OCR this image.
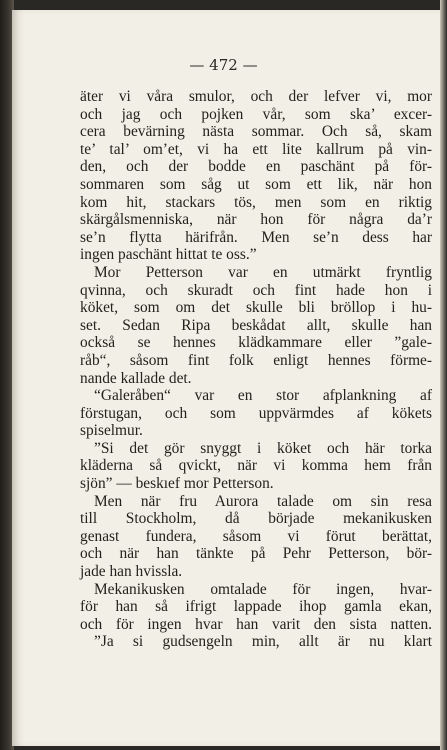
— 472 —
äter vi våra smulor, och der lefver vi, mor
och jag och pojken vår, som ska’ excer-
cera bevärning nästa sommar. Och så, skam
te’ tal’ om’et, vi ha ett lite kallrum på vin-
den, och der bodde en paschänt på för-
sommaren som såg ut som ett lik, när hon
kom hit, stackars tös, men som en riktig
skärgålsmenniska, när hon för några da’r
se’n flytta härifrån. Men se’n dess har
ingen paschänt hittat te oss.”
Mor Petterson var en utmärkt fryntlig
qvinna, och skuradt och fint hade hon i
köket, som om det skulle bli bröllop i hu-
set. Sedan Ripa beskådat allt, skulle han
också se hennes klädkammare eller ”gale-
råb“, såsom fint folk enligt hennes förme-
nande kallade det.
“Galeråben“ var en stor afplankning af
förstugan, och som uppvärmdes af kökets
spiselmur.
”Si det gör snyggt i köket och här torka
kläderna så qvickt, när vi komma hem från
sjön” — beskıef mor Petterson.
Men när fru Aurora talade om sin resa
till Stockholm, då började mekanikusken
genast fundera, såsom vi förut berättat,
och när han tänkte på Pehr Petterson, bör-
jade han hvissla.
Mekanikusken omtalade för ingen, hvar-
för han så ifrigt lappade ihop gamla ekan,
och för ingen hvar han varit den sista natten.
”Ja si gudsengeln min, allt är nu klart
